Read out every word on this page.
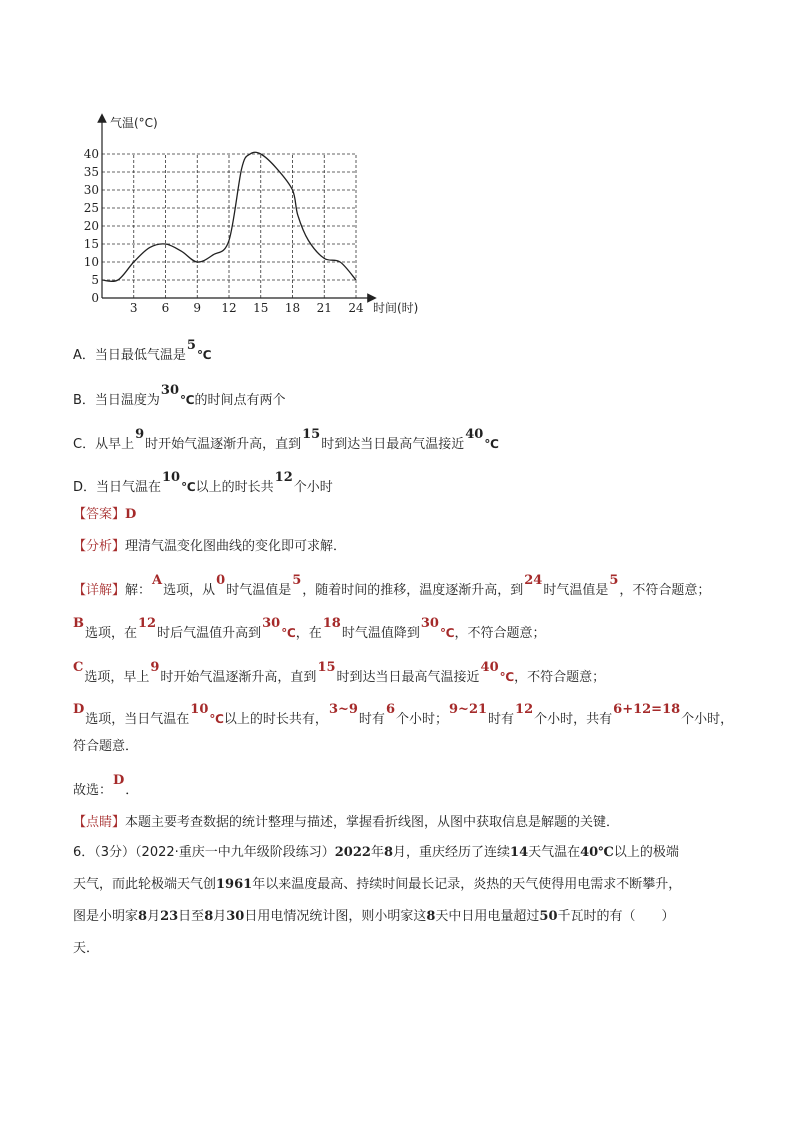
0
5
10
15
20
25
30
35
40
3 6 9 12 15 18 21 24
气温(°C)
时间(时)
A．当日最低气温是5℃
B．当日温度为30℃的时间点有两个
C．从早上9时开始气温逐渐升高，直到15时到达当日最高气温接近40℃
D．当日气温在10℃以上的时长共12个小时
【答案】D
【分析】理清气温变化图曲线的变化即可求解．
【详解】解：A选项，从0时气温值是5，随着时间的推移，温度逐渐升高，到24时气温值是5，不符合题意；
B选项，在12时后气温值升高到30℃，在18时气温值降到30℃，不符合题意；
C选项，早上9时开始气温逐渐升高，直到15时到达当日最高气温接近40℃，不符合题意；
D选项，当日气温在10℃以上的时长共有，3~9时有6个小时；9~21时有12个小时，共有6+12=18个小时，
符合题意．
故选：D．
【点睛】本题主要考查数据的统计整理与描述，掌握看折线图，从图中获取信息是解题的关键．
6．（3分）（2022·重庆一中九年级阶段练习）2022年8月，重庆经历了连续14天气温在40℃以上的极端
天气，而此轮极端天气创1961年以来温度最高、持续时间最长记录，炎热的天气使得用电需求不断攀升，
图是小明家8月23日至8月30日用电情况统计图，则小明家这8天中日用电量超过50千瓦时的有（　　）
天．
